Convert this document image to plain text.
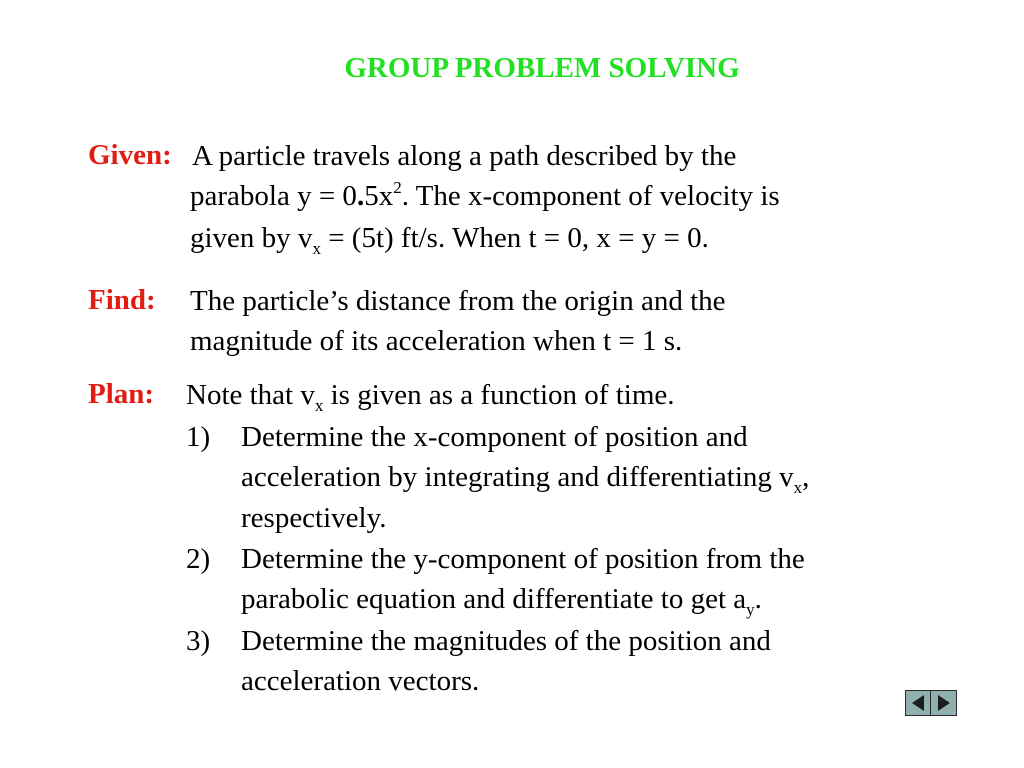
GROUP PROBLEM SOLVING
Given: A particle travels along a path described by the
parabola $y = 0.5x^2$. The x-component of velocity is
given by $v_x = (5t)$ ft/s. When t = 0, x = y = 0.
Find: The particle’s distance from the origin and the
magnitude of its acceleration when t = 1 s.
Plan: Note that $v_x$ is given as a function of time.
1) Determine the x-component of position and
acceleration by integrating and differentiating $v_x$,
respectively.
2) Determine the y-component of position from the
parabolic equation and differentiate to get $a_y$.
3) Determine the magnitudes of the position and
acceleration vectors.
